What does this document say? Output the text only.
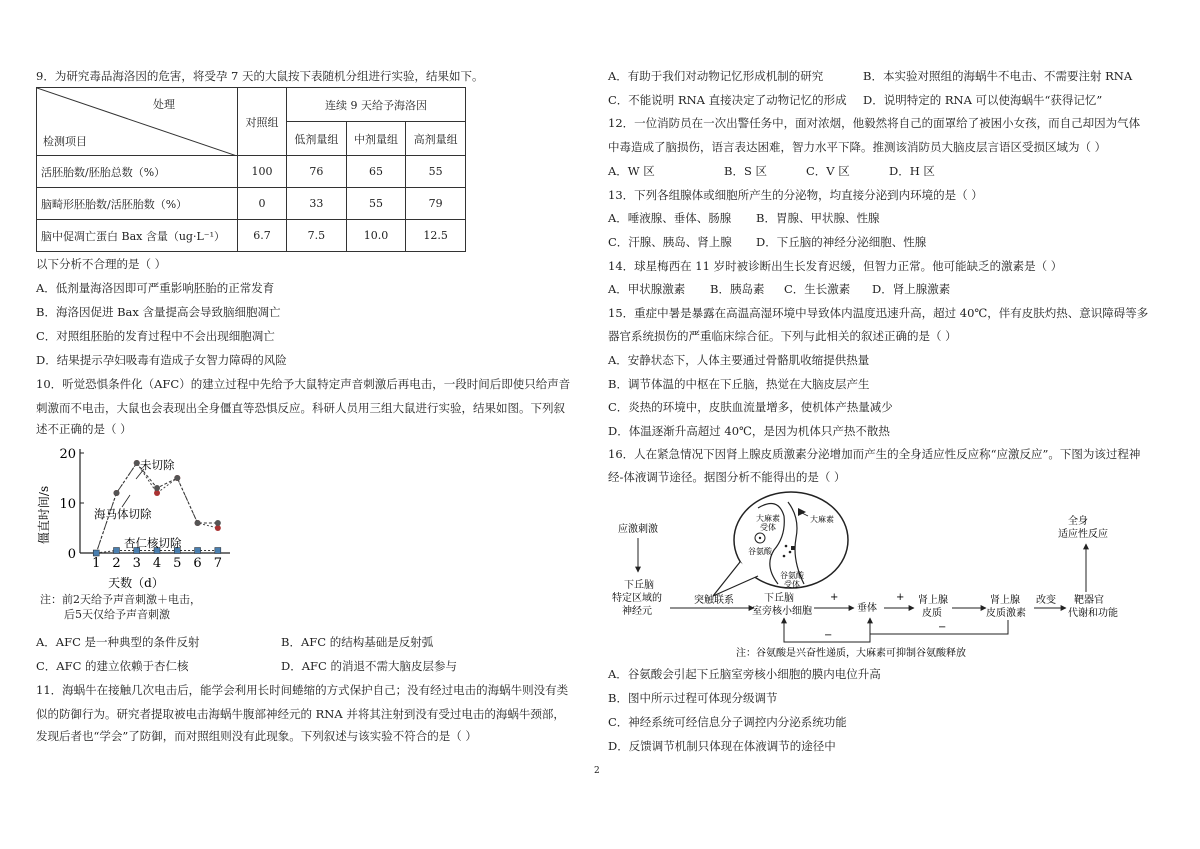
9．为研究毒品海洛因的危害，将受孕 7 天的大鼠按下表随机分组进行实验，结果如下。
处理
检测项目	对照组	连续 9 天给予海洛因		
		低剂量组	中剂量组	高剂量组
活胚胎数/胚胎总数（%）	100	76	65	55
脑畸形胚胎数/活胚胎数（%）	0	33	55	79
脑中促凋亡蛋白 Bax 含量（ug·L⁻¹）	6.7	7.5	10.0	12.5
以下分析不合理的是（ ）
A．低剂量海洛因即可严重影响胚胎的正常发育
B．海洛因促进 Bax 含量提高会导致脑细胞凋亡
C．对照组胚胎的发育过程中不会出现细胞凋亡
D．结果提示孕妇吸毒有造成子女智力障碍的风险
10．听觉恐惧条件化（AFC）的建立过程中先给予大鼠特定声音刺激后再电击，一段时间后即使只给声音
刺激而不电击，大鼠也会表现出全身僵直等恐惧反应。科研人员用三组大鼠进行实验，结果如图。下列叙
述不正确的是（ ）
0
10
20
1 2 3 4 5 6 7
僵直时间/s
天数（d）
未切除
海马体切除
杏仁核切除
注：前2天给予声音刺激＋电击，
后5天仅给予声音刺激
A．AFC 是一种典型的条件反射	B．AFC 的结构基础是反射弧
C．AFC 的建立依赖于杏仁核	D．AFC 的消退不需大脑皮层参与
11．海蜗牛在接触几次电击后，能学会利用长时间蜷缩的方式保护自己；没有经过电击的海蜗牛则没有类
似的防御行为。研究者提取被电击海蜗牛腹部神经元的 RNA 并将其注射到没有受过电击的海蜗牛颈部，
发现后者也“学会”了防御，而对照组则没有此现象。下列叙述与该实验不符合的是（ ）
A．有助于我们对动物记忆形成机制的研究	B．本实验对照组的海蜗牛不电击、不需要注射 RNA
C．不能说明 RNA 直接决定了动物记忆的形成 D．说明特定的 RNA 可以使海蜗牛“获得记忆”
12．一位消防员在一次出警任务中，面对浓烟，他毅然将自己的面罩给了被困小女孩，而自己却因为气体
中毒造成了脑损伤，语言表达困难，智力水平下降。推测该消防员大脑皮层言语区受损区域为（ ）
A．W 区	B．S 区	C．V 区	D．H 区
13．下列各组腺体或细胞所产生的分泌物，均直接分泌到内环境的是（ ）
A．唾液腺、垂体、肠腺 B．胃腺、甲状腺、性腺
C．汗腺、胰岛、肾上腺 D．下丘脑的神经分泌细胞、性腺
14．球星梅西在 11 岁时被诊断出生长发育迟缓，但智力正常。他可能缺乏的激素是（ ）
A．甲状腺激素 B．胰岛素 C．生长激素 D．肾上腺激素
15．重症中暑是暴露在高温高湿环境中导致体内温度迅速升高，超过 40℃，伴有皮肤灼热、意识障碍等多
器官系统损伤的严重临床综合征。下列与此相关的叙述正确的是（ ）
A．安静状态下，人体主要通过骨骼肌收缩提供热量
B．调节体温的中枢在下丘脑，热觉在大脑皮层产生
C．炎热的环境中，皮肤血流量增多，使机体产热量减少
D．体温逐渐升高超过 40℃，是因为机体只产热不散热
16．人在紧急情况下因肾上腺皮质激素分泌增加而产生的全身适应性反应称“应激反应”。下图为该过程神
经-体液调节途径。据图分析不能得出的是（ ）
大麻素
受体
大麻素
谷氨酸
谷氨酸
受体
应激刺激
下丘脑
特定区域的
神经元
突触联系	下丘脑
室旁核小细胞
+
垂体
+ 肾上腺
皮质
肾上腺
皮质激素
改变 靶器官
代谢和功能
全身
适应性反应
−
−
注：谷氨酸是兴奋性递质，大麻素可抑制谷氨酸释放
A．谷氨酸会引起下丘脑室旁核小细胞的膜内电位升高
B．图中所示过程可体现分级调节
C．神经系统可经信息分子调控内分泌系统功能
D．反馈调节机制只体现在体液调节的途径中
2
